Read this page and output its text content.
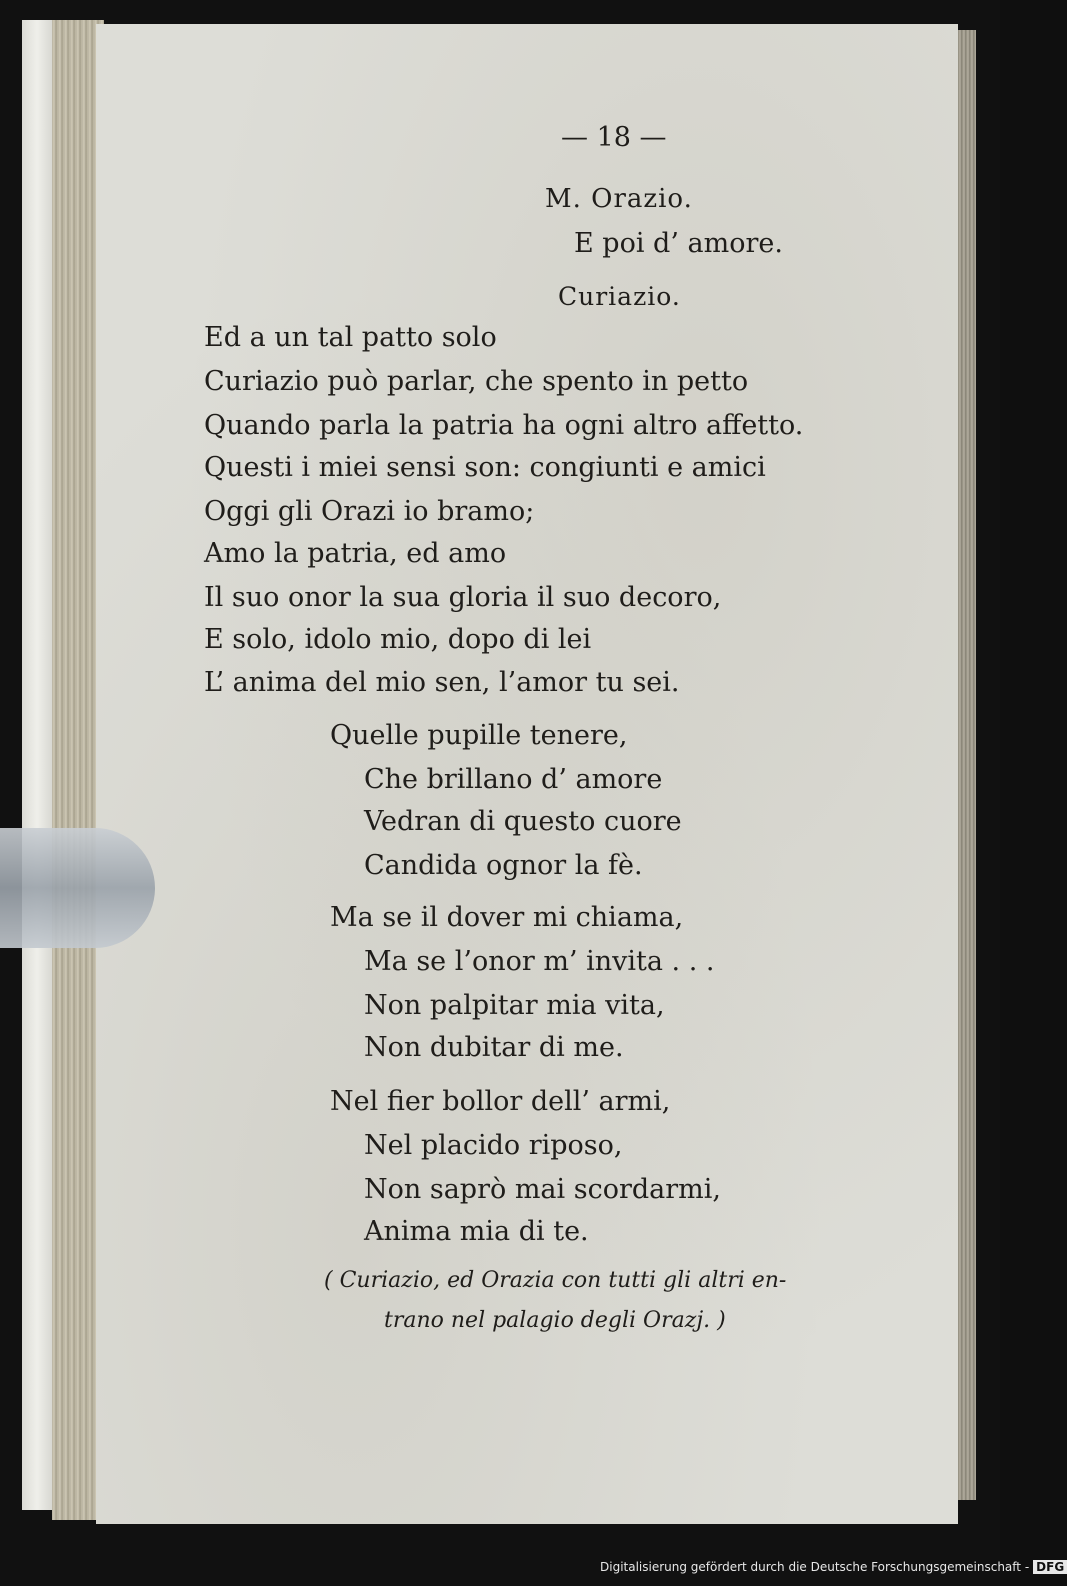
— 18 —
M. Orazio.
E poi d’ amore.
Curiazio.
Ed a un tal patto solo
Curiazio può parlar, che spento in petto
Quando parla la patria ha ogni altro affetto.
Questi i miei sensi son: congiunti e amici
Oggi gli Orazi io bramo;
Amo la patria, ed amo
Il suo onor la sua gloria il suo decoro,
E solo, idolo mio, dopo di lei
L’ anima del mio sen, l’amor tu sei.
Quelle pupille tenere,
Che brillano d’ amore
Vedran di questo cuore
Candida ognor la fè.
Ma se il dover mi chiama,
Ma se l’onor m’ invita . . .
Non palpitar mia vita,
Non dubitar di me.
Nel fier bollor dell’ armi,
Nel placido riposo,
Non saprò mai scordarmi,
Anima mia di te.
( Curiazio, ed Orazia con tutti gli altri en-
trano nel palagio degli Orazj. )
Digitalisierung gefördert durch die Deutsche Forschungsgemeinschaft - DFG
